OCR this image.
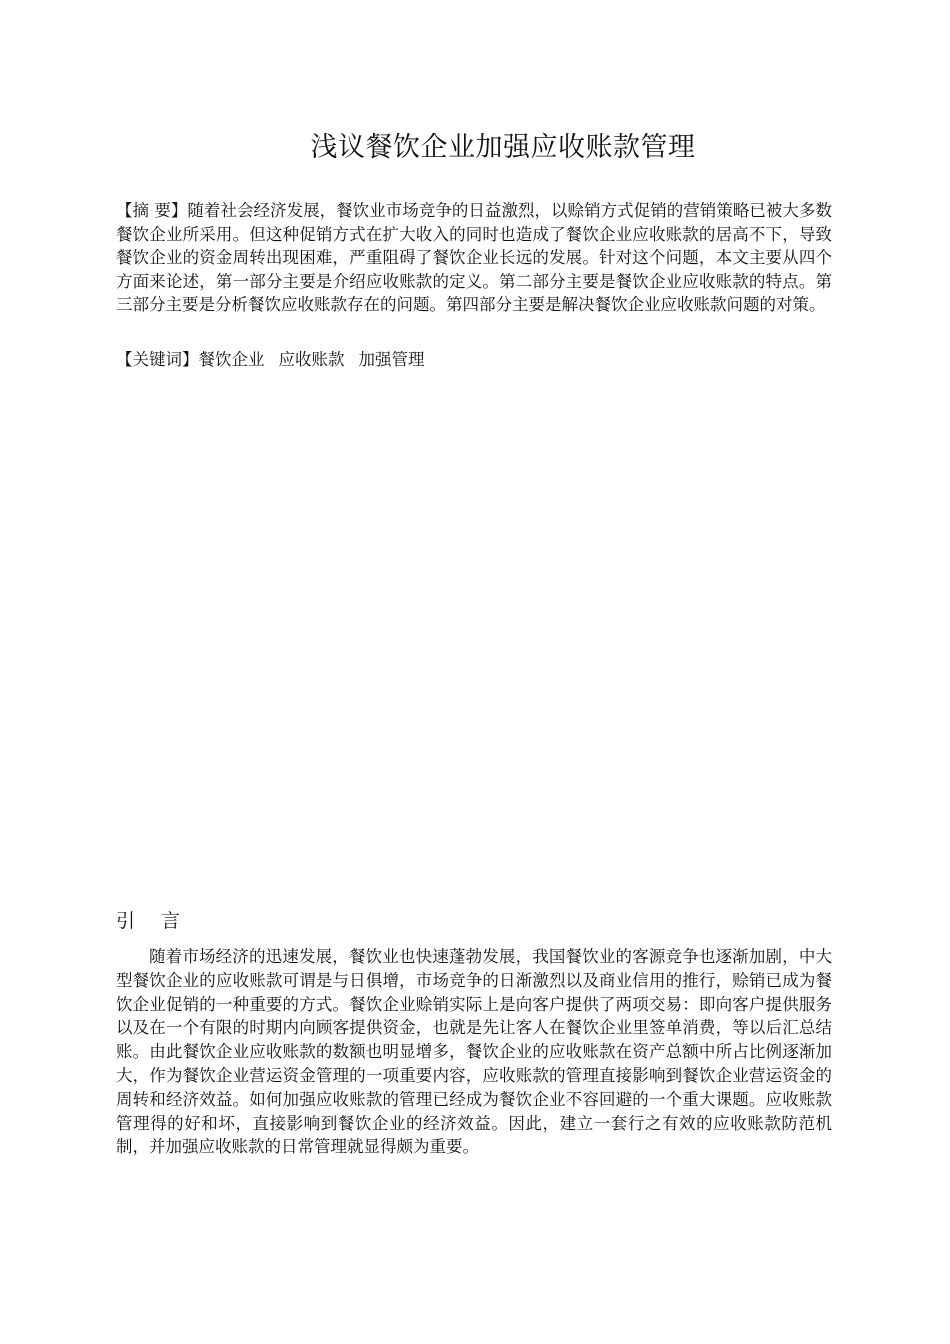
浅议餐饮企业加强应收账款管理
【摘 要】随着社会经济发展，餐饮业市场竞争的日益激烈，以赊销方式促销的营销策略已被大多数餐饮企业所采用。但这种促销方式在扩大收入的同时也造成了餐饮企业应收账款的居高不下，导致餐饮企业的资金周转出现困难，严重阻碍了餐饮企业长远的发展。针对这个问题，本文主要从四个方面来论述，第一部分主要是介绍应收账款的定义。第二部分主要是餐饮企业应收账款的特点。第三部分主要是分析餐饮应收账款存在的问题。第四部分主要是解决餐饮企业应收账款问题的对策。
【关键词】餐饮企业 应收账款 加强管理
引 言
随着市场经济的迅速发展，餐饮业也快速蓬勃发展，我国餐饮业的客源竞争也逐渐加剧，中大型餐饮企业的应收账款可谓是与日俱增，市场竞争的日渐激烈以及商业信用的推行，赊销已成为餐饮企业促销的一种重要的方式。餐饮企业赊销实际上是向客户提供了两项交易：即向客户提供服务以及在一个有限的时期内向顾客提供资金，也就是先让客人在餐饮企业里签单消费，等以后汇总结账。由此餐饮企业应收账款的数额也明显增多，餐饮企业的应收账款在资产总额中所占比例逐渐加大，作为餐饮企业营运资金管理的一项重要内容，应收账款的管理直接影响到餐饮企业营运资金的周转和经济效益。如何加强应收账款的管理已经成为餐饮企业不容回避的一个重大课题。应收账款管理得的好和坏，直接影响到餐饮企业的经济效益。因此，建立一套行之有效的应收账款防范机制，并加强应收账款的日常管理就显得颇为重要。
